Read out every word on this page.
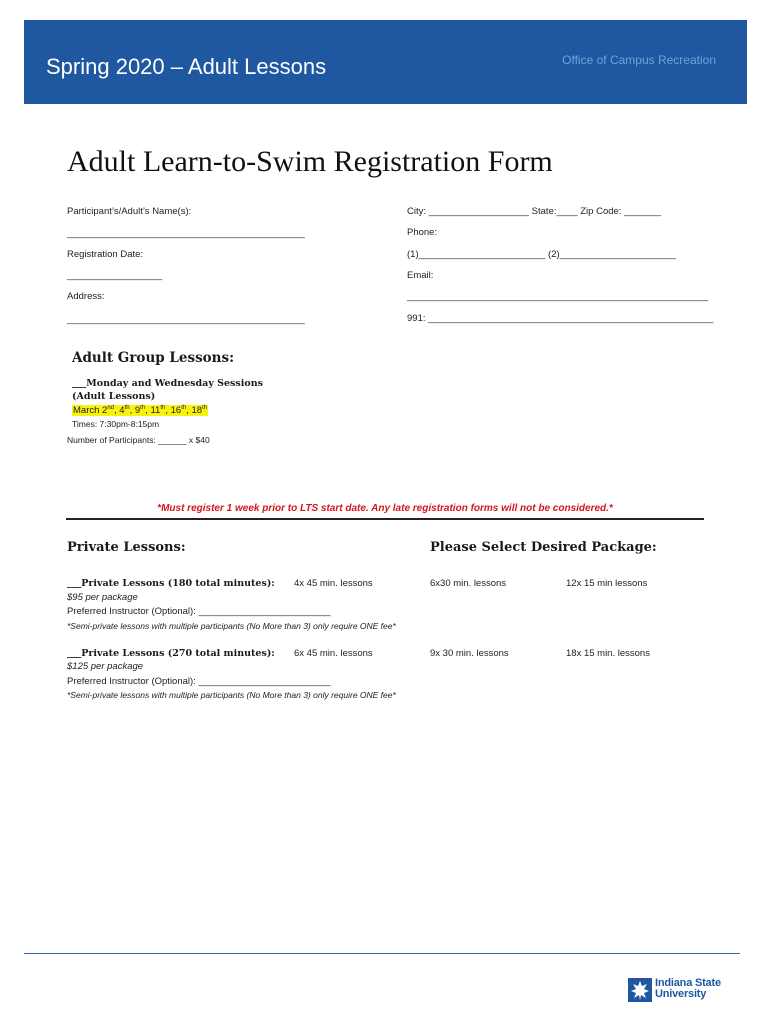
Spring 2020 – Adult Lessons	Office of Campus Recreation
Adult Learn-to-Swim Registration Form
Participant’s/Adult’s Name(s):
_____________________________________________
Registration Date:
__________________
Address:
_____________________________________________
City: ___________________ State:____ Zip Code: _______
Phone:
(1)________________________ (2)______________________
Email:
_________________________________________________________
991: ______________________________________________________
Adult Group Lessons:
___Monday and Wednesday Sessions
(Adult Lessons)
March 2nd, 4th, 9th, 11th, 16th, 18th
Times: 7:30pm-8:15pm
Number of Participants: ______ x $40
*Must register 1 week prior to LTS start date. Any late registration forms will not be considered.*
Private Lessons:	Please Select Desired Package:
___Private Lessons (180 total minutes): 4x 45 min. lessons	6x30 min. lessons	12x 15 min lessons
$95 per package
Preferred Instructor (Optional): _________________________
*Semi-private lessons with multiple participants (No More than 3) only require ONE fee*
___Private Lessons (270 total minutes): 6x 45 min. lessons	9x 30 min. lessons	18x 15 min. lessons
$125 per package
Preferred Instructor (Optional): _________________________
*Semi-private lessons with multiple participants (No More than 3) only require ONE fee*
Indiana State
University
